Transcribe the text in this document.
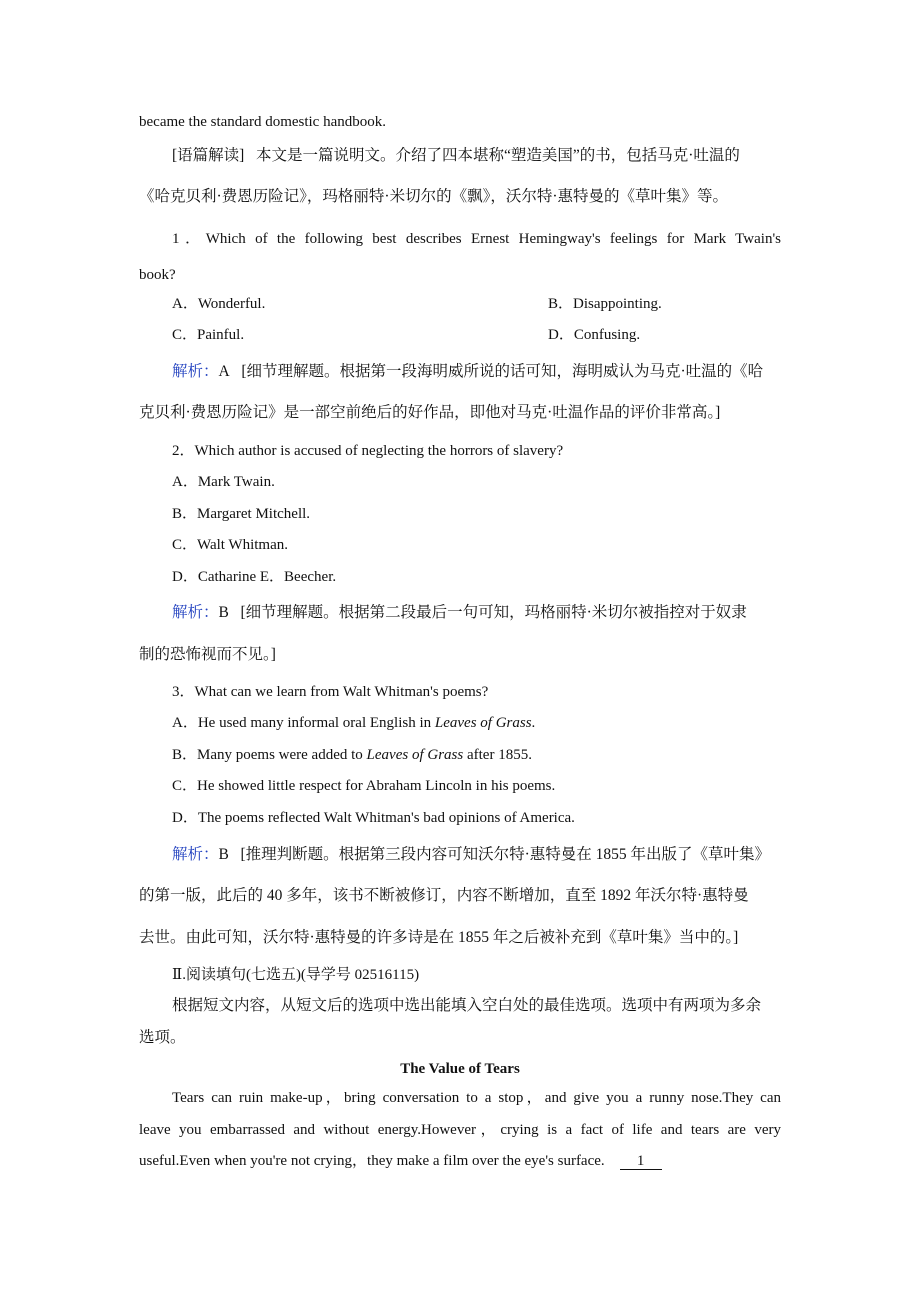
became the standard domestic handbook.
[语篇解读] 本文是一篇说明文。介绍了四本堪称“塑造美国”的书，包括马克·吐温的
《哈克贝利·费恩历险记》，玛格丽特·米切尔的《飘》，沃尔特·惠特曼的《草叶集》等。
1．Which of the following best describes Ernest Hemingway's feelings for Mark Twain's
book?
A．Wonderful.	B．Disappointing.
C．Painful.	D．Confusing.
解析：A [细节理解题。根据第一段海明威所说的话可知，海明威认为马克·吐温的《哈
克贝利·费恩历险记》是一部空前绝后的好作品，即他对马克·吐温作品的评价非常高。]
2．Which author is accused of neglecting the horrors of slavery?
A．Mark Twain.
B．Margaret Mitchell.
C．Walt Whitman.
D．Catharine E．Beecher.
解析：B [细节理解题。根据第二段最后一句可知，玛格丽特·米切尔被指控对于奴隶
制的恐怖视而不见。]
3．What can we learn from Walt Whitman's poems?
A．He used many informal oral English in Leaves of Grass.
B．Many poems were added to Leaves of Grass after 1855.
C．He showed little respect for Abraham Lincoln in his poems.
D．The poems reflected Walt Whitman's bad opinions of America.
解析：B [推理判断题。根据第三段内容可知沃尔特·惠特曼在 1855 年出版了《草叶集》
的第一版，此后的 40 多年，该书不断被修订，内容不断增加，直至 1892 年沃尔特·惠特曼
去世。由此可知，沃尔特·惠特曼的许多诗是在 1855 年之后被补充到《草叶集》当中的。]
Ⅱ.阅读填句(七选五)(导学号 02516115)
根据短文内容，从短文后的选项中选出能填入空白处的最佳选项。选项中有两项为多余
选项。
The Value of Tears
Tears can ruin make-up，bring conversation to a stop，and give you a runny nose.They can
leave you embarrassed and without energy.However，crying is a fact of life and tears are very
useful.Even when you're not crying，they make a film over the eye's surface. 1
